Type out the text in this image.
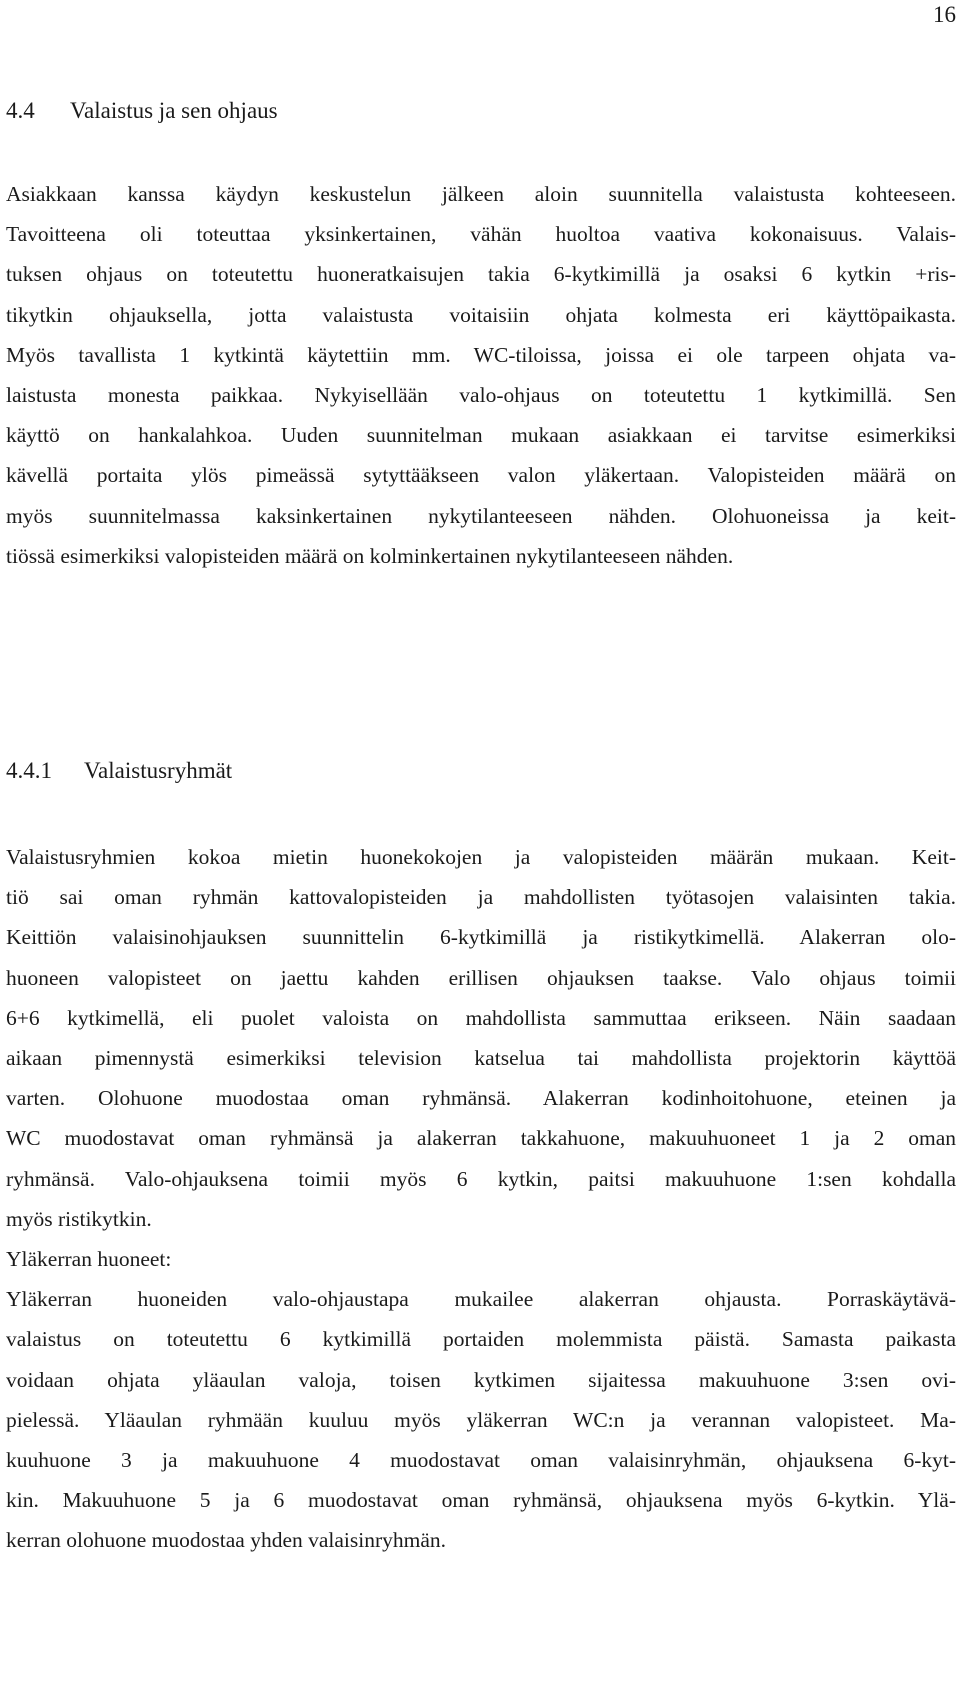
16
4.4 Valaistus ja sen ohjaus
Asiakkaan kanssa käydyn keskustelun jälkeen aloin suunnitella valaistusta kohteeseen.
Tavoitteena oli toteuttaa yksinkertainen, vähän huoltoa vaativa kokonaisuus. Valais-
tuksen ohjaus on toteutettu huoneratkaisujen takia 6-kytkimillä ja osaksi 6 kytkin +ris-
tikytkin ohjauksella, jotta valaistusta voitaisiin ohjata kolmesta eri käyttöpaikasta.
Myös tavallista 1 kytkintä käytettiin mm. WC-tiloissa, joissa ei ole tarpeen ohjata va-
laistusta monesta paikkaa. Nykyisellään valo-ohjaus on toteutettu 1 kytkimillä. Sen
käyttö on hankalahkoa. Uuden suunnitelman mukaan asiakkaan ei tarvitse esimerkiksi
kävellä portaita ylös pimeässä sytyttääkseen valon yläkertaan. Valopisteiden määrä on
myös suunnitelmassa kaksinkertainen nykytilanteeseen nähden. Olohuoneissa ja keit-
tiössä esimerkiksi valopisteiden määrä on kolminkertainen nykytilanteeseen nähden.
4.4.1 Valaistusryhmät
Valaistusryhmien kokoa mietin huonekokojen ja valopisteiden määrän mukaan. Keit-
tiö sai oman ryhmän kattovalopisteiden ja mahdollisten työtasojen valaisinten takia.
Keittiön valaisinohjauksen suunnittelin 6-kytkimillä ja ristikytkimellä. Alakerran olo-
huoneen valopisteet on jaettu kahden erillisen ohjauksen taakse. Valo ohjaus toimii
6+6 kytkimellä, eli puolet valoista on mahdollista sammuttaa erikseen. Näin saadaan
aikaan pimennystä esimerkiksi television katselua tai mahdollista projektorin käyttöä
varten. Olohuone muodostaa oman ryhmänsä. Alakerran kodinhoitohuone, eteinen ja
WC muodostavat oman ryhmänsä ja alakerran takkahuone, makuuhuoneet 1 ja 2 oman
ryhmänsä. Valo-ohjauksena toimii myös 6 kytkin, paitsi makuuhuone 1:sen kohdalla
myös ristikytkin.
Yläkerran huoneet:
Yläkerran huoneiden valo-ohjaustapa mukailee alakerran ohjausta. Porraskäytävä-
valaistus on toteutettu 6 kytkimillä portaiden molemmista päistä. Samasta paikasta
voidaan ohjata yläaulan valoja, toisen kytkimen sijaitessa makuuhuone 3:sen ovi-
pielessä. Yläaulan ryhmään kuuluu myös yläkerran WC:n ja verannan valopisteet. Ma-
kuuhuone 3 ja makuuhuone 4 muodostavat oman valaisinryhmän, ohjauksena 6-kyt-
kin. Makuuhuone 5 ja 6 muodostavat oman ryhmänsä, ohjauksena myös 6-kytkin. Ylä-
kerran olohuone muodostaa yhden valaisinryhmän.
